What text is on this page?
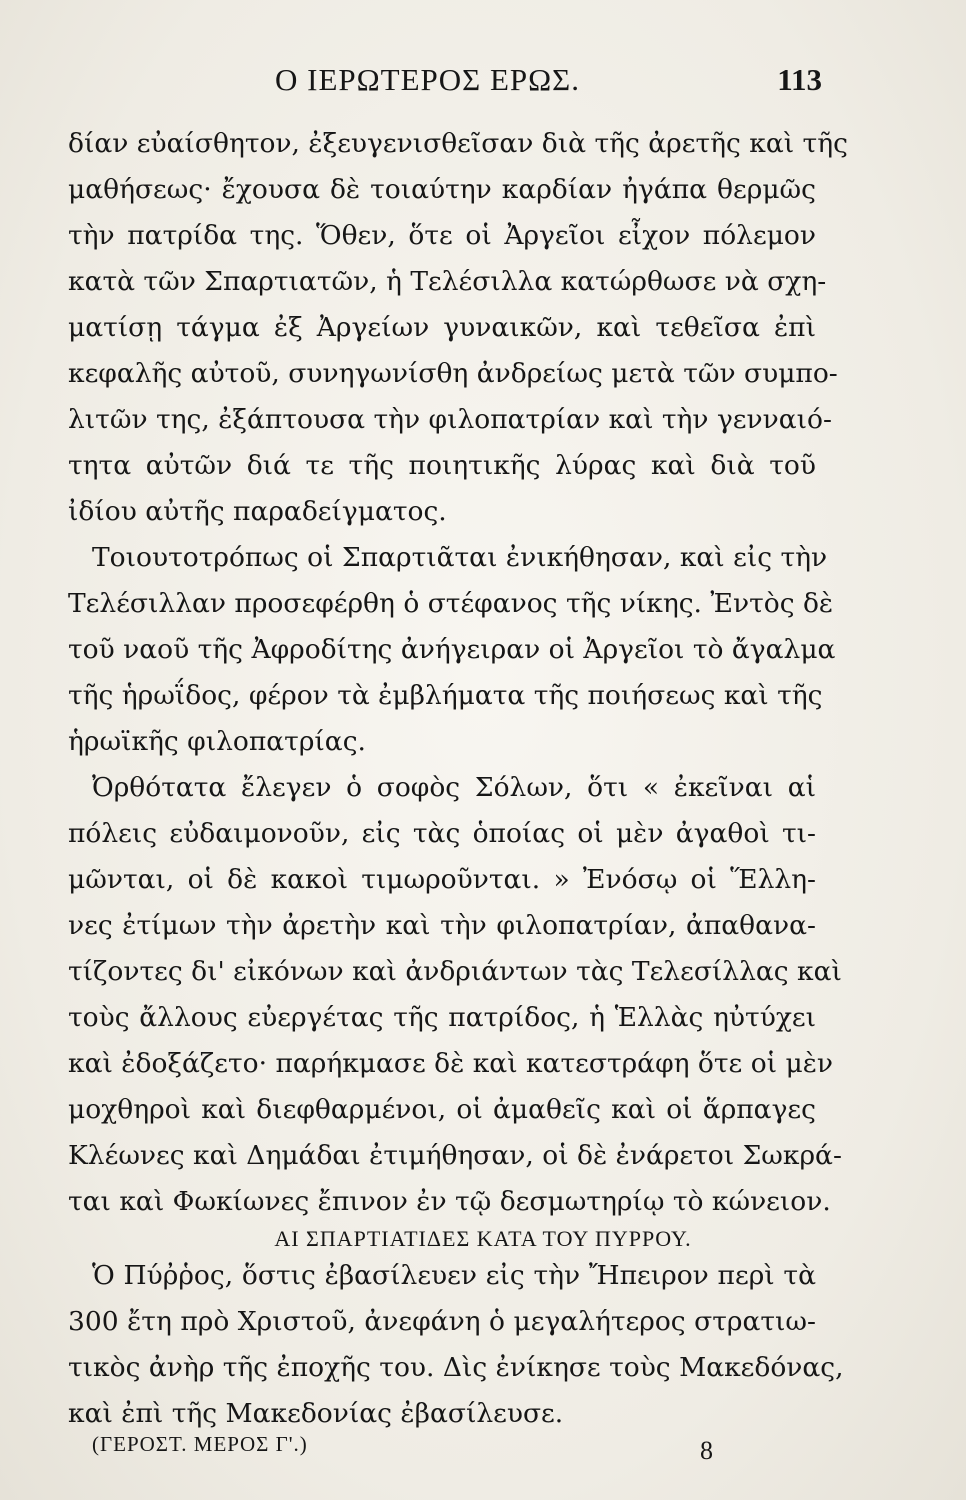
Ο ΙΕΡΩΤΕΡΟΣ ΕΡΩΣ.	113
δίαν εὐαίσθητον, ἐξευγενισθεῖσαν διὰ τῆς ἀρετῆς καὶ τῆς
μαθήσεως· ἔχουσα δὲ τοιαύτην καρδίαν ἠγάπα θερμῶς
τὴν πατρίδα της. Ὅθεν, ὅτε οἱ Ἀργεῖοι εἶχον πόλεμον
κατὰ τῶν Σπαρτιατῶν, ἡ Τελέσιλλα κατώρθωσε νὰ σχη-
ματίσῃ τάγμα ἐξ Ἀργείων γυναικῶν, καὶ τεθεῖσα ἐπὶ
κεφαλῆς αὐτοῦ, συνηγωνίσθη ἀνδρείως μετὰ τῶν συμπο-
λιτῶν της, ἐξάπτουσα τὴν φιλοπατρίαν καὶ τὴν γενναιό-
τητα αὐτῶν διά τε τῆς ποιητικῆς λύρας καὶ διὰ τοῦ
ἰδίου αὐτῆς παραδείγματος.
Τοιουτοτρόπως οἱ Σπαρτιᾶται ἐνικήθησαν, καὶ εἰς τὴν
Τελέσιλλαν προσεφέρθη ὁ στέφανος τῆς νίκης. Ἐντὸς δὲ
τοῦ ναοῦ τῆς Ἀφροδίτης ἀνήγειραν οἱ Ἀργεῖοι τὸ ἄγαλμα
τῆς ἡρωΐδος, φέρον τὰ ἐμβλήματα τῆς ποιήσεως καὶ τῆς
ἡρωϊκῆς φιλοπατρίας.
Ὀρθότατα ἔλεγεν ὁ σοφὸς Σόλων, ὅτι « ἐκεῖναι αἱ
πόλεις εὐδαιμονοῦν, εἰς τὰς ὁποίας οἱ μὲν ἀγαθοὶ τι-
μῶνται, οἱ δὲ κακοὶ τιμωροῦνται. » Ἐνόσῳ οἱ Ἕλλη-
νες ἐτίμων τὴν ἀρετὴν καὶ τὴν φιλοπατρίαν, ἀπαθανα-
τίζοντες δι' εἰκόνων καὶ ἀνδριάντων τὰς Τελεσίλλας καὶ
τοὺς ἄλλους εὐεργέτας τῆς πατρίδος, ἡ Ἑλλὰς ηὐτύχει
καὶ ἐδοξάζετο· παρήκμασε δὲ καὶ κατεστράφη ὅτε οἱ μὲν
μοχθηροὶ καὶ διεφθαρμένοι, οἱ ἀμαθεῖς καὶ οἱ ἅρπαγες
Κλέωνες καὶ Δημάδαι ἐτιμήθησαν, οἱ δὲ ἐνάρετοι Σωκρά-
ται καὶ Φωκίωνες ἔπινον ἐν τῷ δεσμωτηρίῳ τὸ κώνειον.
ΑΙ ΣΠΑΡΤΙΑΤΙΔΕΣ ΚΑΤΑ ΤΟΥ ΠΥΡΡΟΥ.
Ὁ Πύῤῥος, ὅστις ἐβασίλευεν εἰς τὴν Ἤπειρον περὶ τὰ
300 ἔτη πρὸ Χριστοῦ, ἀνεφάνη ὁ μεγαλήτερος στρατιω-
τικὸς ἀνὴρ τῆς ἐποχῆς του. Δὶς ἐνίκησε τοὺς Μακεδόνας,
καὶ ἐπὶ τῆς Μακεδονίας ἐβασίλευσε.
(ΓΕΡΟΣΤ. ΜΕΡΟΣ Γ'.)	8
